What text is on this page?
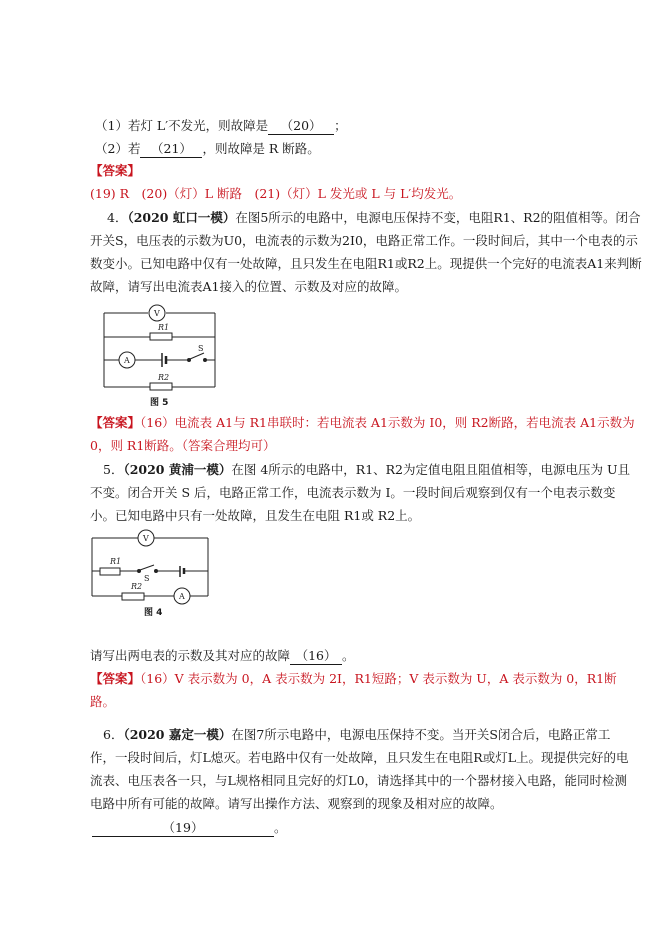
（1）若灯 L′不发光，则故障是 （20） ；
（2）若 （21） ，则故障是 R 断路。
【答案】
(19) R　(20)（灯）L 断路　(21)（灯）L 发光或 L 与 L′均发光。
4．（2020 虹口一模）在图5所示的电路中，电源电压保持不变，电阻R1、R2的阻值相等。闭合
开关S，电压表的示数为U0，电流表的示数为2I0，电路正常工作。一段时间后，其中一个电表的示
数变小。已知电路中仅有一处故障，且只发生在电阻R1或R2上。现提供一个完好的电流表A1来判断
故障，请写出电流表A1接入的位置、示数及对应的故障。
V
A
R1
R2
S
图 5
【答案】（16）电流表 A1与 R1串联时：若电流表 A1示数为 I0，则 R2断路，若电流表 A1示数为
0，则 R1断路。（答案合理均可）
5．（2020 黄浦一模）在图 4所示的电路中，R1、R2为定值电阻且阻值相等，电源电压为 U且
不变。闭合开关 S 后，电路正常工作，电流表示数为 I。一段时间后观察到仅有一个电表示数变
小。已知电路中只有一处故障，且发生在电阻 R1或 R2上。
V
A
R1
R2
S
图 4
请写出两电表的示数及其对应的故障 （16） 。
【答案】（16）V 表示数为 0，A 表示数为 2I，R1短路；V 表示数为 U，A 表示数为 0，R1断
路。
6．（2020 嘉定一模）在图7所示电路中，电源电压保持不变。当开关S闭合后，电路正常工
作，一段时间后，灯L熄灭。若电路中仅有一处故障，且只发生在电阻R或灯L上。现提供完好的电
流表、电压表各一只，与L规格相同且完好的灯L0，请选择其中的一个器材接入电路，能同时检测
电路中所有可能的故障。请写出操作方法、观察到的现象及相对应的故障。
（19）	。
